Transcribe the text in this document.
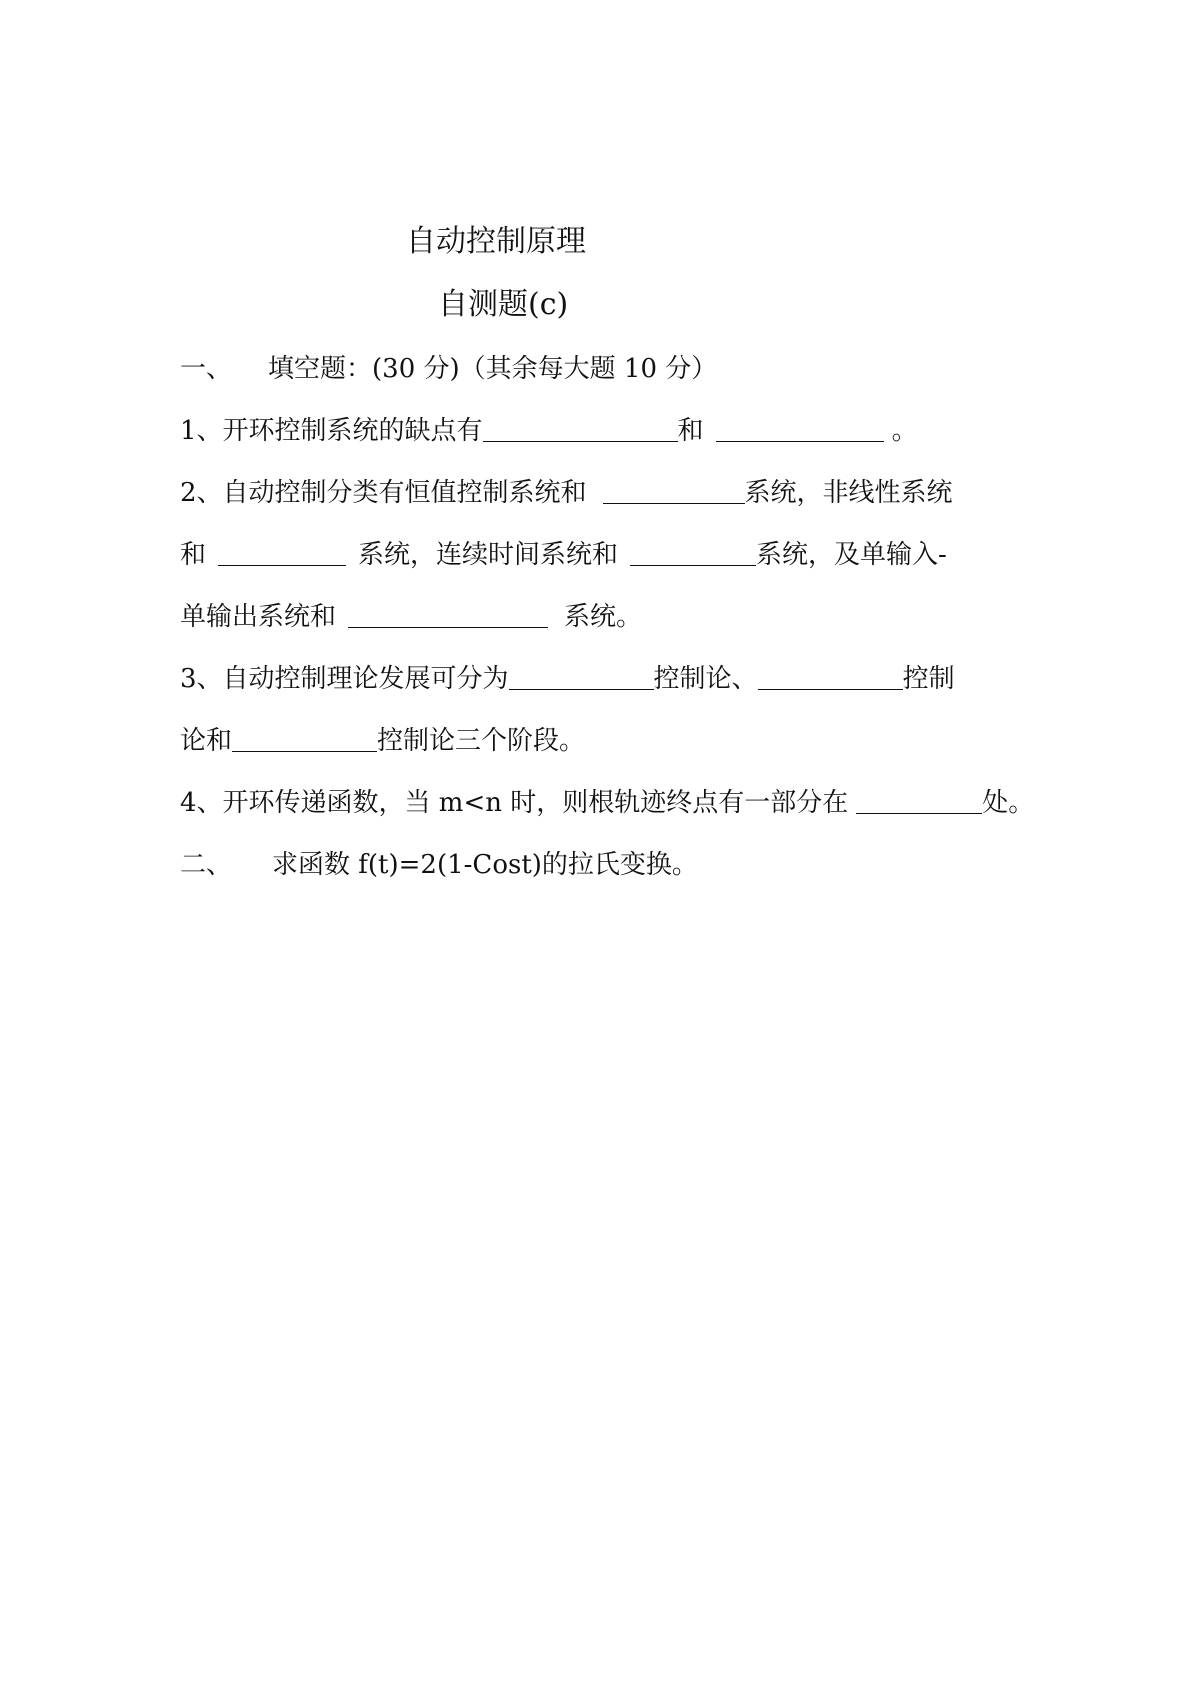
自动控制原理
自测题(c)
一、 填空题：(30 分)（其余每大题 10 分）
1、开环控制系统的缺点有	和	。
2、自动控制分类有恒值控制系统和	系统，非线性系统
和	系统，连续时间系统和	系统，及单输入-
单输出系统和	系统。
3、自动控制理论发展可分为	控制论、	控制
论和	控制论三个阶段。
4、开环传递函数，当 m<n 时，则根轨迹终点有一部分在	处。
二、 求函数 f(t)=2(1-Cost)的拉氏变换。
